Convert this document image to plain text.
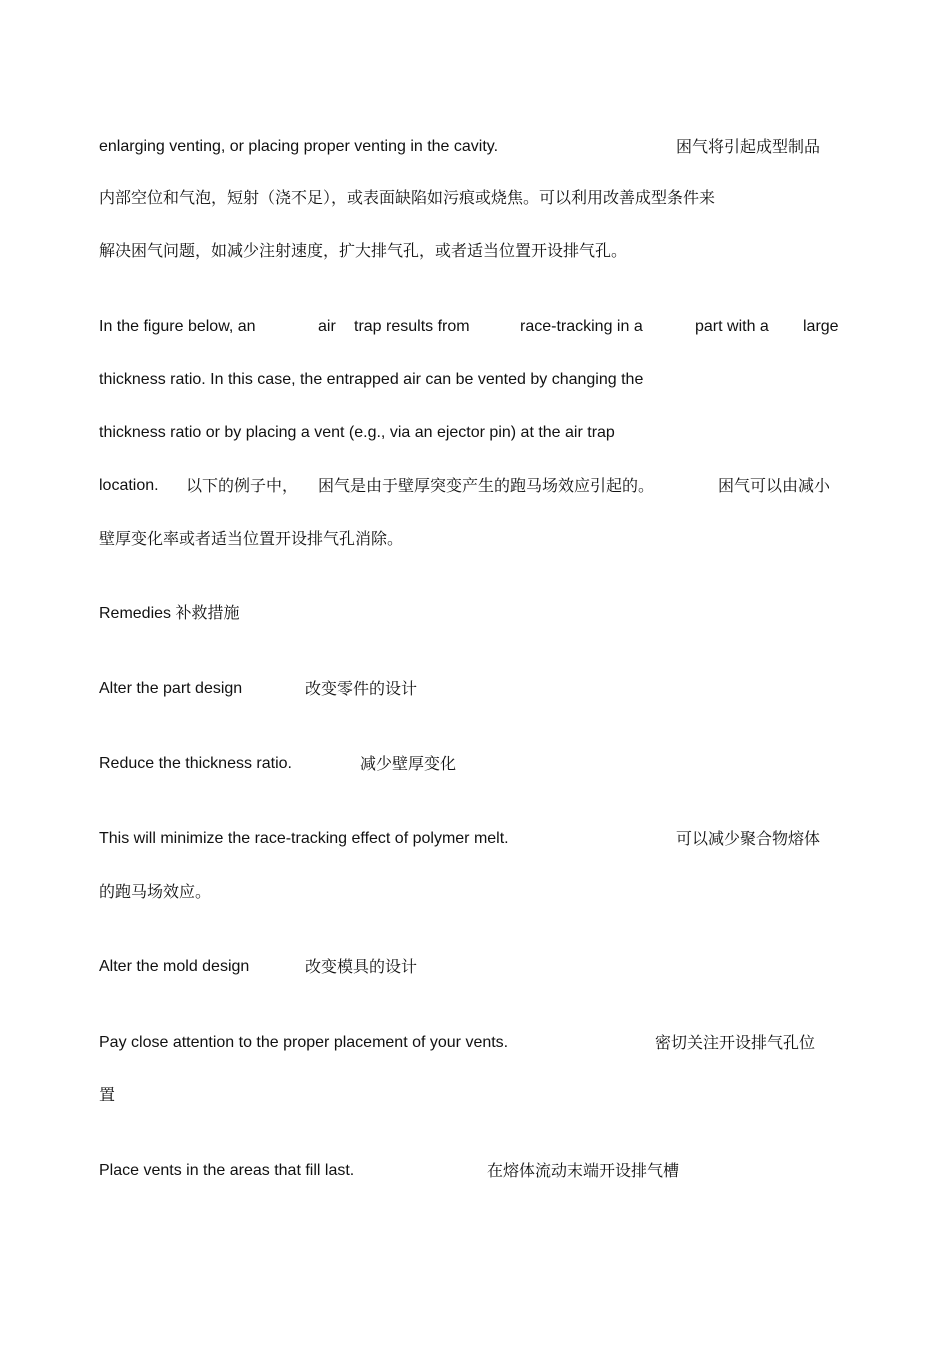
enlarging venting, or placing proper venting in the cavity.	困气将引起成型制品
内部空位和气泡，短射（浇不足），或表面缺陷如污痕或烧焦。可以利用改善成型条件来
解决困气问题，如减少注射速度，扩大排气孔，或者适当位置开设排气孔。
In the figure below, an	air trap results from	race-tracking in a	part with a large
thickness ratio. In this case, the entrapped air can be vented by changing the
thickness ratio or by placing a vent (e.g., via an ejector pin) at the air trap
location. 以下的例子中， 困气是由于壁厚突变产生的跑马场效应引起的。	困气可以由减小
壁厚变化率或者适当位置开设排气孔消除。
Remedies 补救措施
Alter the part design	改变零件的设计
Reduce the thickness ratio.	减少壁厚变化
This will minimize the race-tracking effect of polymer melt.	可以减少聚合物熔体
的跑马场效应。
Alter the mold design	改变模具的设计
Pay close attention to the proper placement of your vents.	密切关注开设排气孔位
置
Place vents in the areas that fill last.	在熔体流动末端开设排气槽
